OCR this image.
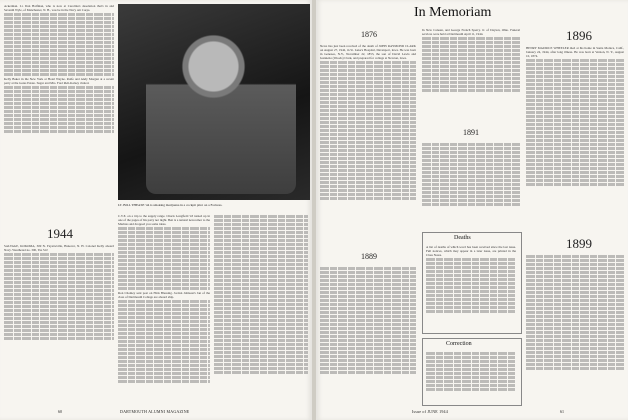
Ackerman. Lt. Dan Halfman, who is now at Carolina's desolation that's in and Seventh Wyle, of Manchester, N. H., was be in the Navy Air Corps.

Kelly Baker in the New York at Hotel Wayne. Rolfe and Andy Morgan at a recent party at the Gates Estate. Sugar and Mrs. Fred Ideb-Kelsey visited.

LT. BILL THEASE '44 is smoking marijuana in a cockpit pilot on a Fortress.
1944

SALVAGE, KOKOMA, 309 N. Fayetteville, Hanover, N. H. Colonel Kelly aboard Navy. Weathered no. 300, Yes Sir!

C.V.E. on a trip to the supply range. Chuck Longfield '43 turned up in one of the pages of his party not night. Ben is a natural newcomer to the Marines and dropped you some ideas.

Ron Chomey sent post on Hick Blessing. Jordan Johnson's Jan of the class of Dartmouth College are aboard ship.

60	DARTMOUTH ALUMNI MAGAZINE
In Memoriam
1876

News has just been received of the death of JOHN RAYMOND CLARK on August 27, 1942, in St. Luke's Hospital, Davenport, Iowa. He was born in Geneseo, N.Y., November 22, 1853, the son of David Lewis and Jeannette (Woods) Clark, and prepared for college at Newton, Iowa.

1889

In New Canaan, and George French Sperry. Jr. of Dayton, Ohio. Funeral services were held at Dartmouth April 11, 1944.

1891
Deaths

A list of deaths of which word has been received since the last issue. Full notices, which may appear in a later issue, are printed in the Class Notes.

Correction
1896

HENRY MAURICE WHEELER died at his home in Santa Monica, Calif., January 24, 1944, after long illness. He was born at Vernon, N. Y., August 10, 1874.

1899
Issue of JUNE 1944	61
